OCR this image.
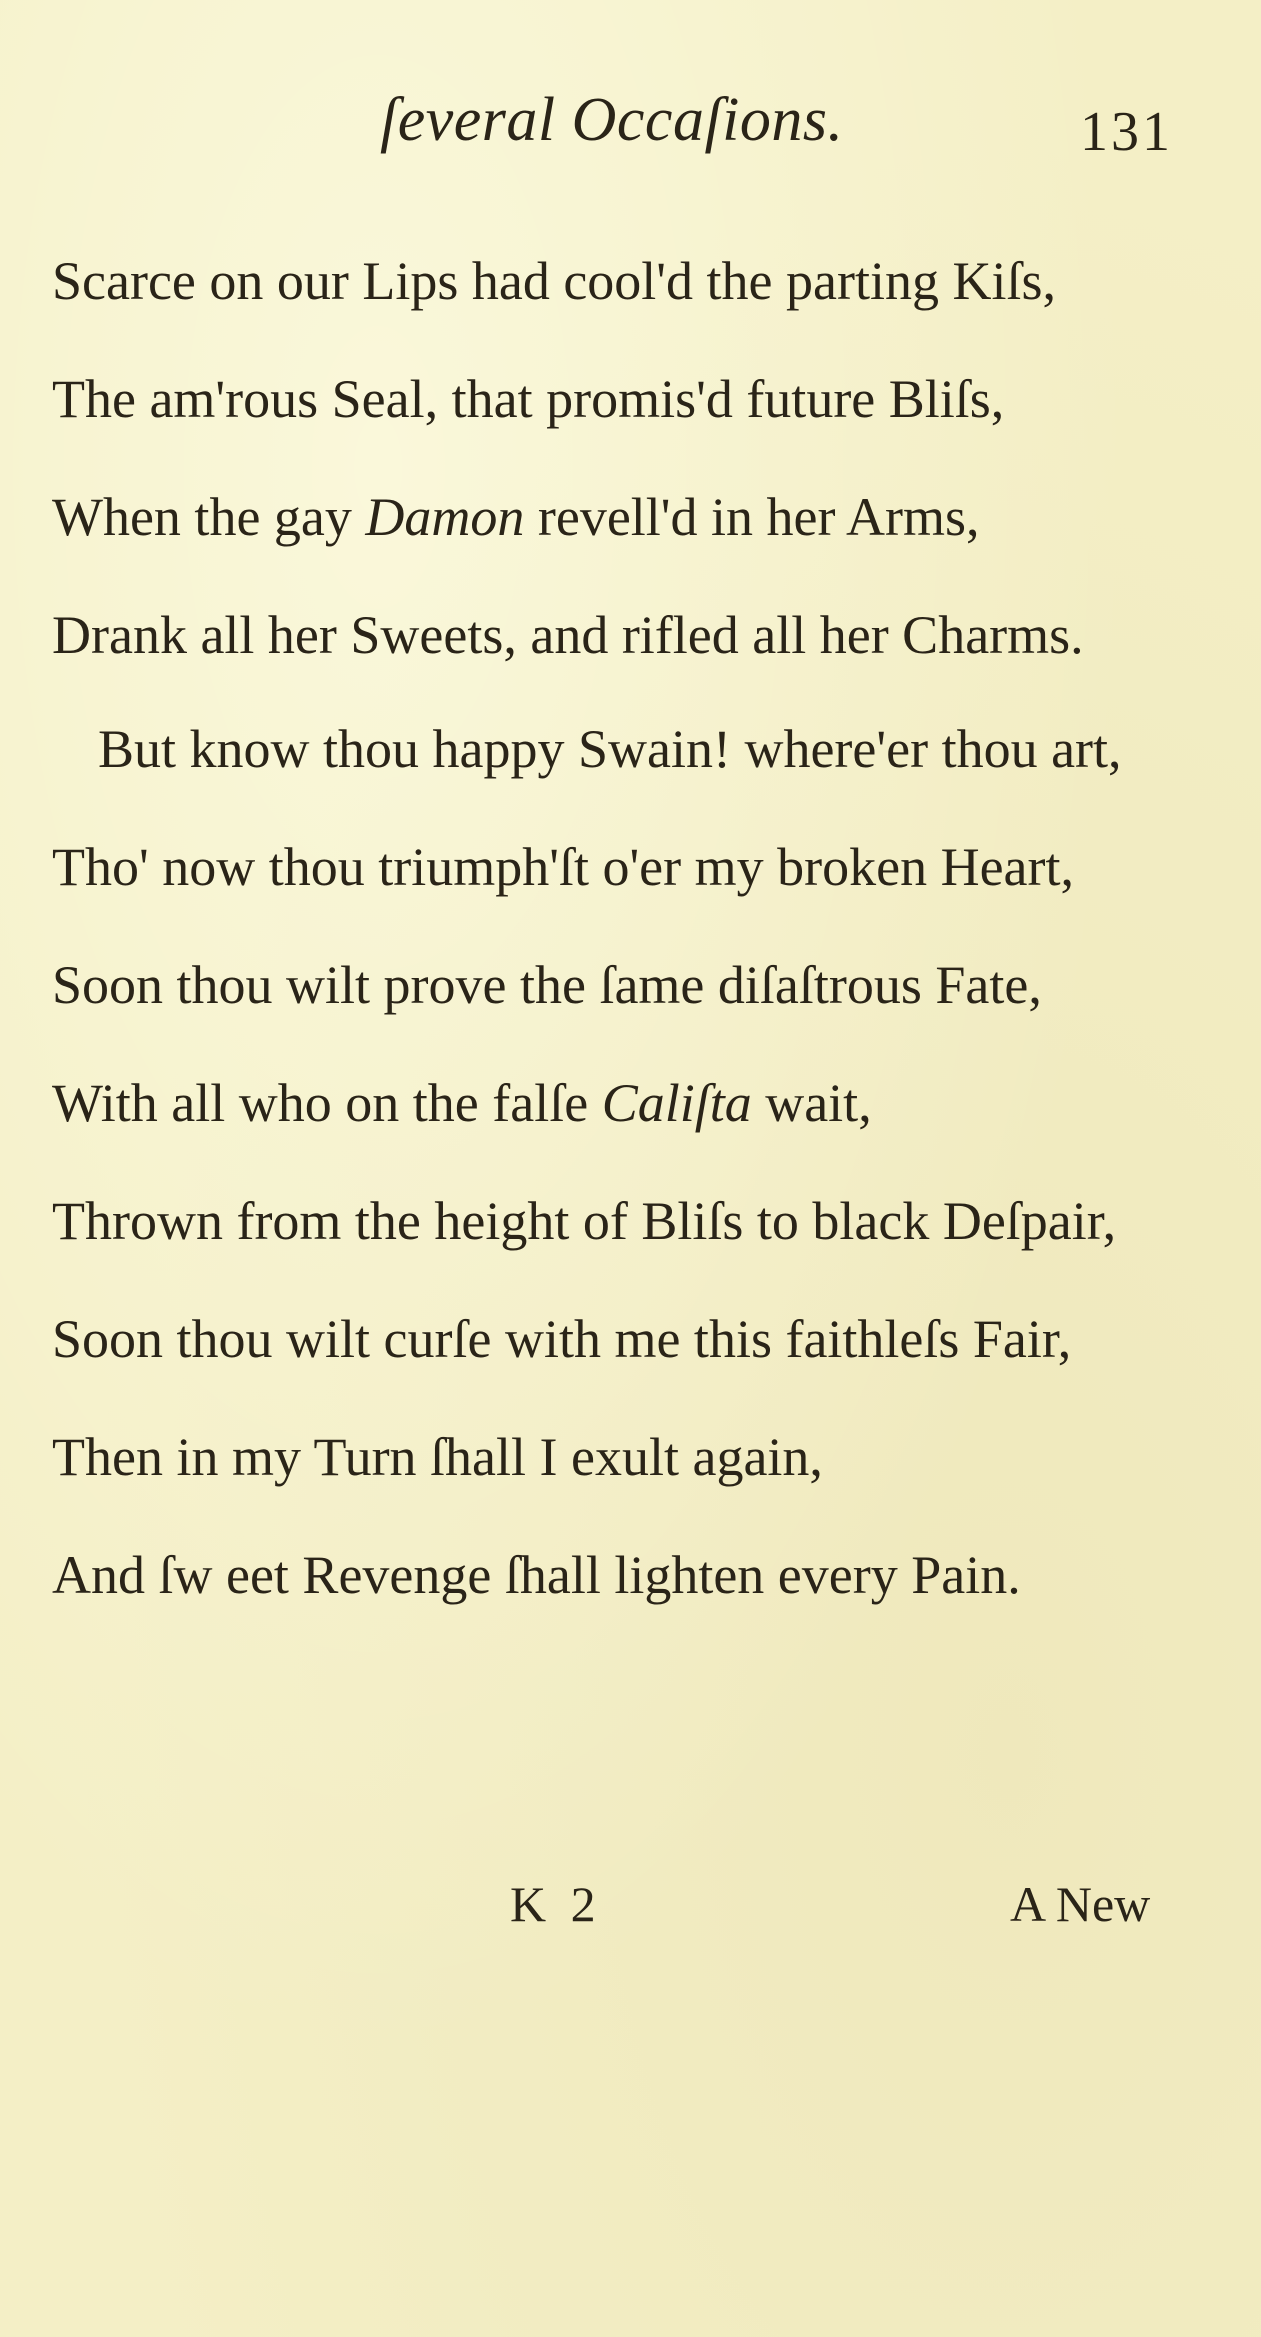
ſeveral Occaſions.	131
Scarce on our Lips had cool'd the parting Kiſs,
The am'rous Seal, that promis'd future Bliſs,
When the gay Damon revell'd in her Arms,
Drank all her Sweets, and rifled all her Charms.
But know thou happy Swain! where'er thou art,
Tho' now thou triumph'ſt o'er my broken Heart,
Soon thou wilt prove the ſame diſaſtrous Fate,
With all who on the falſe Caliſta wait,
Thrown from the height of Bliſs to black Deſpair,
Soon thou wilt curſe with me this faithleſs Fair,
Then in my Turn ſhall I exult again,
And ſw eet Revenge ſhall lighten every Pain.
K 2	A New
